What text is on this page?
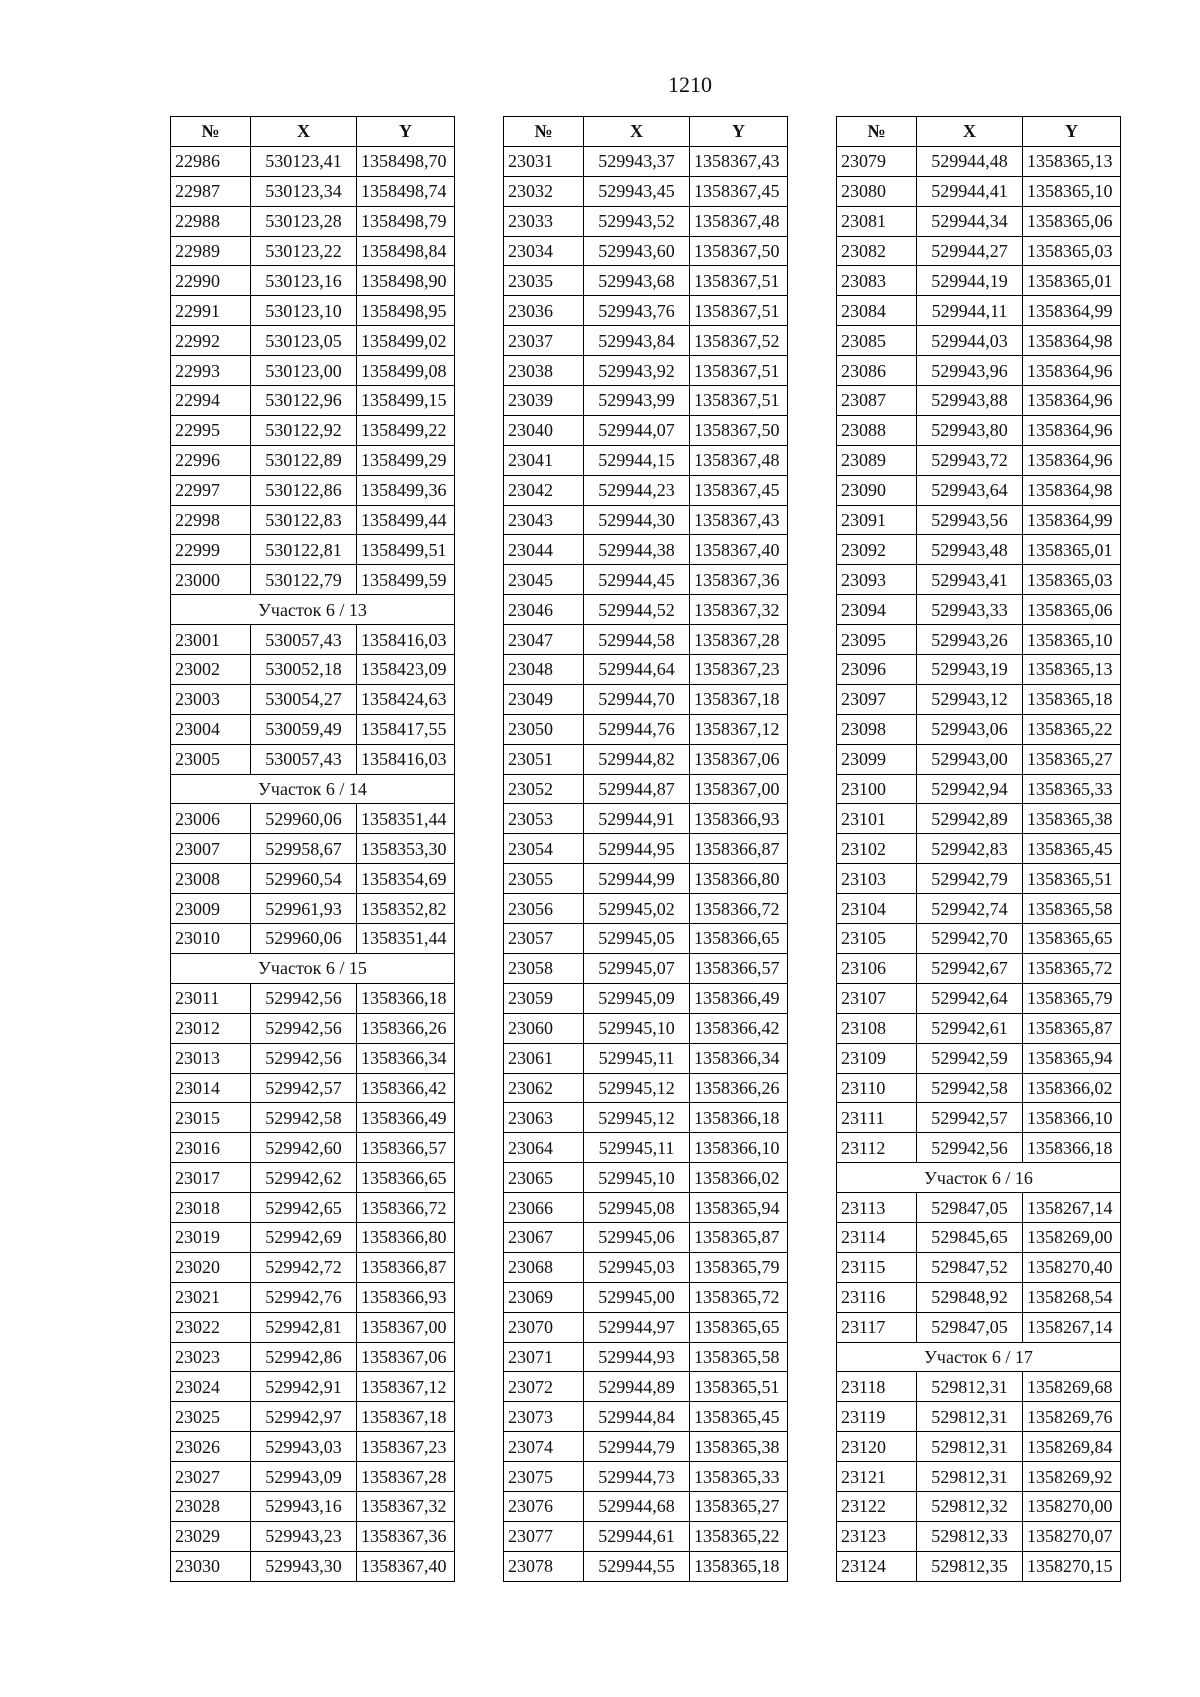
1210
№	X	Y
22986	530123,41	1358498,70
22987	530123,34	1358498,74
22988	530123,28	1358498,79
22989	530123,22	1358498,84
22990	530123,16	1358498,90
22991	530123,10	1358498,95
22992	530123,05	1358499,02
22993	530123,00	1358499,08
22994	530122,96	1358499,15
22995	530122,92	1358499,22
22996	530122,89	1358499,29
22997	530122,86	1358499,36
22998	530122,83	1358499,44
22999	530122,81	1358499,51
23000	530122,79	1358499,59
Участок 6 / 13		
23001	530057,43	1358416,03
23002	530052,18	1358423,09
23003	530054,27	1358424,63
23004	530059,49	1358417,55
23005	530057,43	1358416,03
Участок 6 / 14		
23006	529960,06	1358351,44
23007	529958,67	1358353,30
23008	529960,54	1358354,69
23009	529961,93	1358352,82
23010	529960,06	1358351,44
Участок 6 / 15		
23011	529942,56	1358366,18
23012	529942,56	1358366,26
23013	529942,56	1358366,34
23014	529942,57	1358366,42
23015	529942,58	1358366,49
23016	529942,60	1358366,57
23017	529942,62	1358366,65
23018	529942,65	1358366,72
23019	529942,69	1358366,80
23020	529942,72	1358366,87
23021	529942,76	1358366,93
23022	529942,81	1358367,00
23023	529942,86	1358367,06
23024	529942,91	1358367,12
23025	529942,97	1358367,18
23026	529943,03	1358367,23
23027	529943,09	1358367,28
23028	529943,16	1358367,32
23029	529943,23	1358367,36
23030	529943,30	1358367,40
№	X	Y
23031	529943,37	1358367,43
23032	529943,45	1358367,45
23033	529943,52	1358367,48
23034	529943,60	1358367,50
23035	529943,68	1358367,51
23036	529943,76	1358367,51
23037	529943,84	1358367,52
23038	529943,92	1358367,51
23039	529943,99	1358367,51
23040	529944,07	1358367,50
23041	529944,15	1358367,48
23042	529944,23	1358367,45
23043	529944,30	1358367,43
23044	529944,38	1358367,40
23045	529944,45	1358367,36
23046	529944,52	1358367,32
23047	529944,58	1358367,28
23048	529944,64	1358367,23
23049	529944,70	1358367,18
23050	529944,76	1358367,12
23051	529944,82	1358367,06
23052	529944,87	1358367,00
23053	529944,91	1358366,93
23054	529944,95	1358366,87
23055	529944,99	1358366,80
23056	529945,02	1358366,72
23057	529945,05	1358366,65
23058	529945,07	1358366,57
23059	529945,09	1358366,49
23060	529945,10	1358366,42
23061	529945,11	1358366,34
23062	529945,12	1358366,26
23063	529945,12	1358366,18
23064	529945,11	1358366,10
23065	529945,10	1358366,02
23066	529945,08	1358365,94
23067	529945,06	1358365,87
23068	529945,03	1358365,79
23069	529945,00	1358365,72
23070	529944,97	1358365,65
23071	529944,93	1358365,58
23072	529944,89	1358365,51
23073	529944,84	1358365,45
23074	529944,79	1358365,38
23075	529944,73	1358365,33
23076	529944,68	1358365,27
23077	529944,61	1358365,22
23078	529944,55	1358365,18
№	X	Y
23079	529944,48	1358365,13
23080	529944,41	1358365,10
23081	529944,34	1358365,06
23082	529944,27	1358365,03
23083	529944,19	1358365,01
23084	529944,11	1358364,99
23085	529944,03	1358364,98
23086	529943,96	1358364,96
23087	529943,88	1358364,96
23088	529943,80	1358364,96
23089	529943,72	1358364,96
23090	529943,64	1358364,98
23091	529943,56	1358364,99
23092	529943,48	1358365,01
23093	529943,41	1358365,03
23094	529943,33	1358365,06
23095	529943,26	1358365,10
23096	529943,19	1358365,13
23097	529943,12	1358365,18
23098	529943,06	1358365,22
23099	529943,00	1358365,27
23100	529942,94	1358365,33
23101	529942,89	1358365,38
23102	529942,83	1358365,45
23103	529942,79	1358365,51
23104	529942,74	1358365,58
23105	529942,70	1358365,65
23106	529942,67	1358365,72
23107	529942,64	1358365,79
23108	529942,61	1358365,87
23109	529942,59	1358365,94
23110	529942,58	1358366,02
23111	529942,57	1358366,10
23112	529942,56	1358366,18
Участок 6 / 16		
23113	529847,05	1358267,14
23114	529845,65	1358269,00
23115	529847,52	1358270,40
23116	529848,92	1358268,54
23117	529847,05	1358267,14
Участок 6 / 17		
23118	529812,31	1358269,68
23119	529812,31	1358269,76
23120	529812,31	1358269,84
23121	529812,31	1358269,92
23122	529812,32	1358270,00
23123	529812,33	1358270,07
23124	529812,35	1358270,15
